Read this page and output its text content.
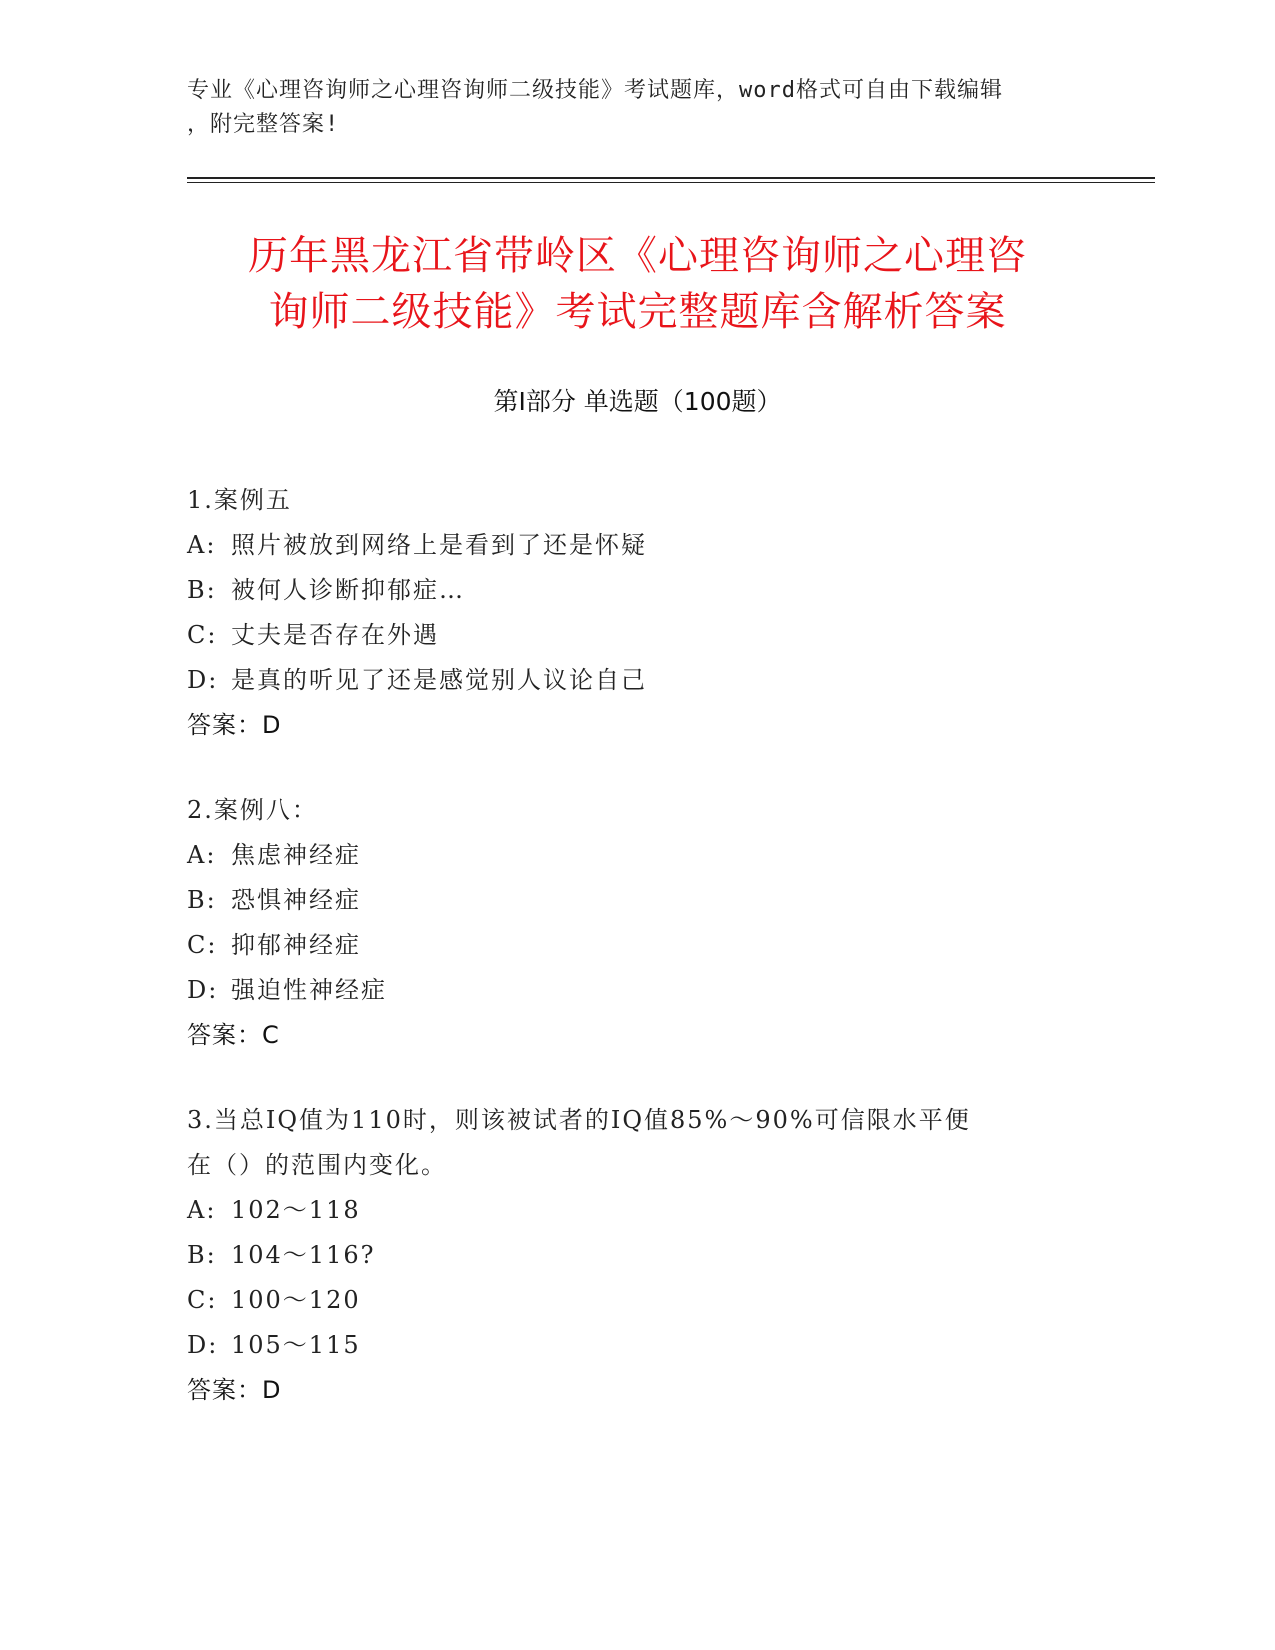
专业《心理咨询师之心理咨询师二级技能》考试题库，word格式可自由下载编辑
，附完整答案!
历年黑龙江省带岭区《心理咨询师之心理咨
询师二级技能》考试完整题库含解析答案
第Ⅰ部分 单选题（100题）
1.案例五
A: 照片被放到网络上是看到了还是怀疑
B: 被何人诊断抑郁症…
C: 丈夫是否存在外遇
D: 是真的听见了还是感觉别人议论自己
答案：D
2.案例八：
A: 焦虑神经症
B: 恐惧神经症
C: 抑郁神经症
D: 强迫性神经症
答案：C
3.当总IQ值为110时，则该被试者的IQ值85%～90%可信限水平便
在（）的范围内变化。
A: 102～118
B: 104～116?
C: 100～120
D: 105～115
答案：D
